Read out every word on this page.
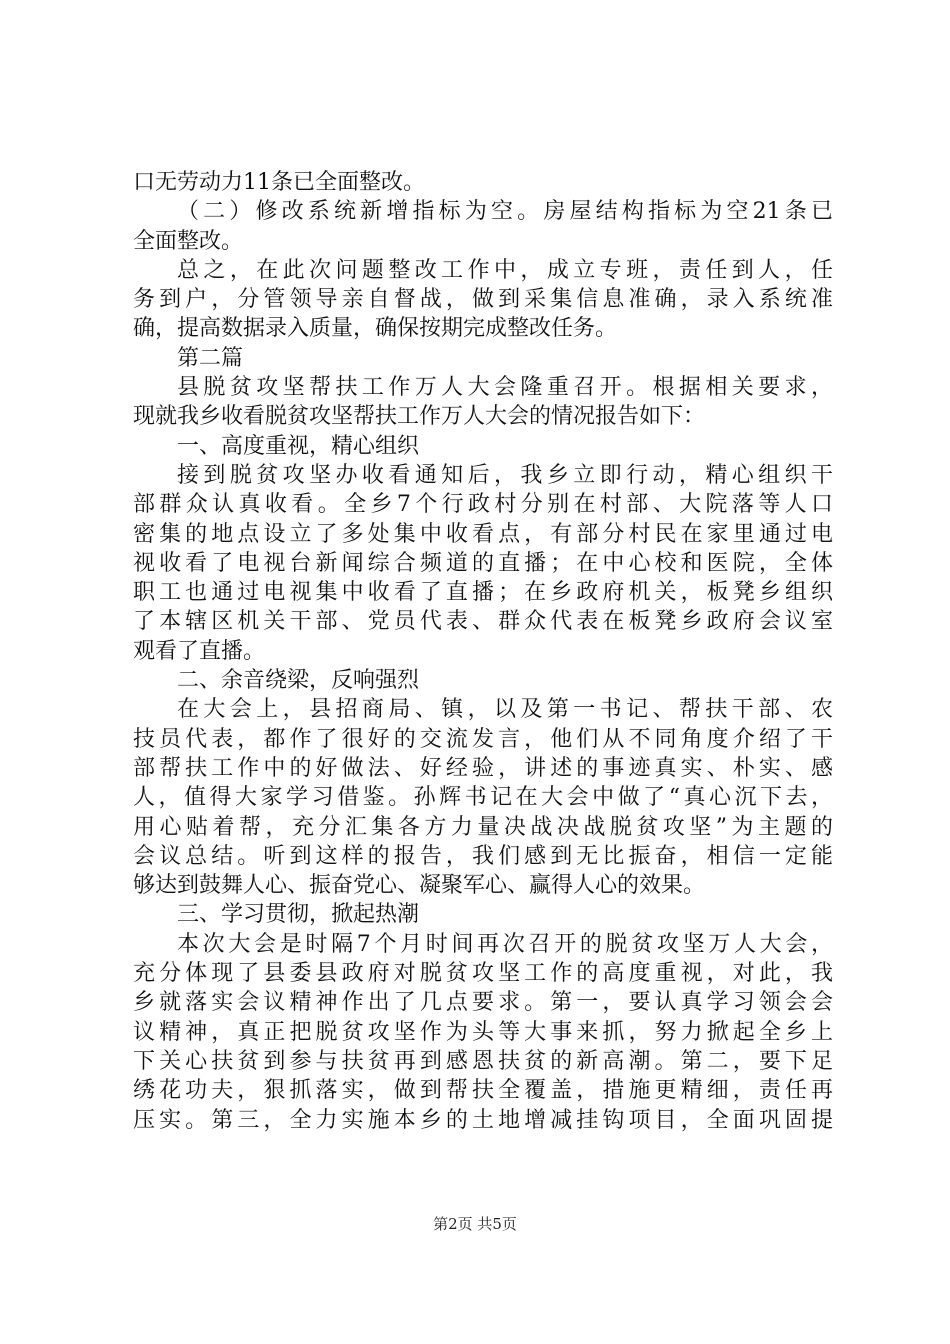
口无劳动力11条已全面整改。
（二）修改系统新增指标为空。房屋结构指标为空21条已
全面整改。
总之，在此次问题整改工作中，成立专班，责任到人，任
务到户，分管领导亲自督战，做到采集信息准确，录入系统准
确，提高数据录入质量，确保按期完成整改任务。
第二篇
县脱贫攻坚帮扶工作万人大会隆重召开。根据相关要求，
现就我乡收看脱贫攻坚帮扶工作万人大会的情况报告如下：
一、高度重视，精心组织
接到脱贫攻坚办收看通知后，我乡立即行动，精心组织干
部群众认真收看。全乡7个行政村分别在村部、大院落等人口
密集的地点设立了多处集中收看点，有部分村民在家里通过电
视收看了电视台新闻综合频道的直播；在中心校和医院，全体
职工也通过电视集中收看了直播；在乡政府机关，板凳乡组织
了本辖区机关干部、党员代表、群众代表在板凳乡政府会议室
观看了直播。
二、余音绕梁，反响强烈
在大会上，县招商局、镇，以及第一书记、帮扶干部、农
技员代表，都作了很好的交流发言，他们从不同角度介绍了干
部帮扶工作中的好做法、好经验，讲述的事迹真实、朴实、感
人，值得大家学习借鉴。孙辉书记在大会中做了“真心沉下去，
用心贴着帮，充分汇集各方力量决战决战脱贫攻坚”为主题的
会议总结。听到这样的报告，我们感到无比振奋，相信一定能
够达到鼓舞人心、振奋党心、凝聚军心、赢得人心的效果。
三、学习贯彻，掀起热潮
本次大会是时隔7个月时间再次召开的脱贫攻坚万人大会，
充分体现了县委县政府对脱贫攻坚工作的高度重视，对此，我
乡就落实会议精神作出了几点要求。第一，要认真学习领会会
议精神，真正把脱贫攻坚作为头等大事来抓，努力掀起全乡上
下关心扶贫到参与扶贫再到感恩扶贫的新高潮。第二，要下足
绣花功夫，狠抓落实，做到帮扶全覆盖，措施更精细，责任再
压实。第三，全力实施本乡的土地增减挂钩项目，全面巩固提
第2页 共5页
